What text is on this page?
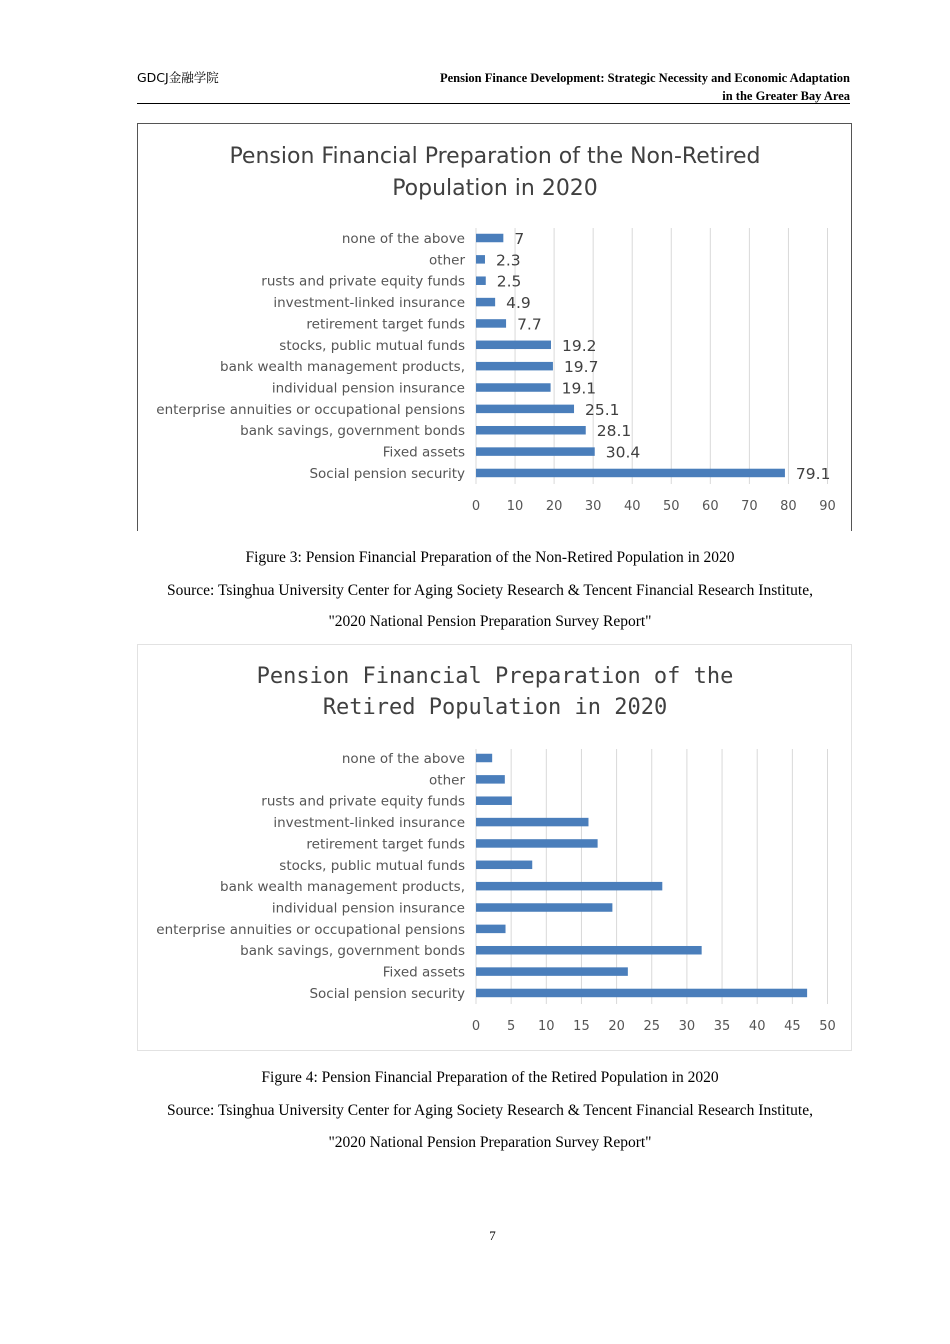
GDCJ金融学院	Pension Finance Development: Strategic Necessity and Economic Adaptation
in the Greater Bay Area
Pension Financial Preparation of the Non-Retired
Population in 2020
0 10 20 30 40 50 60 70 80 90
none of the above	7
other 2.3
rusts and private equity funds 2.5
investment-linked insurance	4.9
retirement target funds	7.7
stocks, public mutual funds	19.2
bank wealth management products,	19.7
individual pension insurance	19.1
enterprise annuities or occupational pensions	25.1
bank savings, government bonds	28.1
Fixed assets	30.4
Social pension security	79.1
Figure 3: Pension Financial Preparation of the Non-Retired Population in 2020
Source: Tsinghua University Center for Aging Society Research & Tencent Financial Research Institute,
"2020 National Pension Preparation Survey Report"
Pension Financial Preparation of the
Retired Population in 2020
0 5 10 15 20 25 30 35 40 45 50
none of the above
other
rusts and private equity funds
investment-linked insurance
retirement target funds
stocks, public mutual funds
bank wealth management products,
individual pension insurance
enterprise annuities or occupational pensions
bank savings, government bonds
Fixed assets
Social pension security
Figure 4: Pension Financial Preparation of the Retired Population in 2020
Source: Tsinghua University Center for Aging Society Research & Tencent Financial Research Institute,
"2020 National Pension Preparation Survey Report"
7
